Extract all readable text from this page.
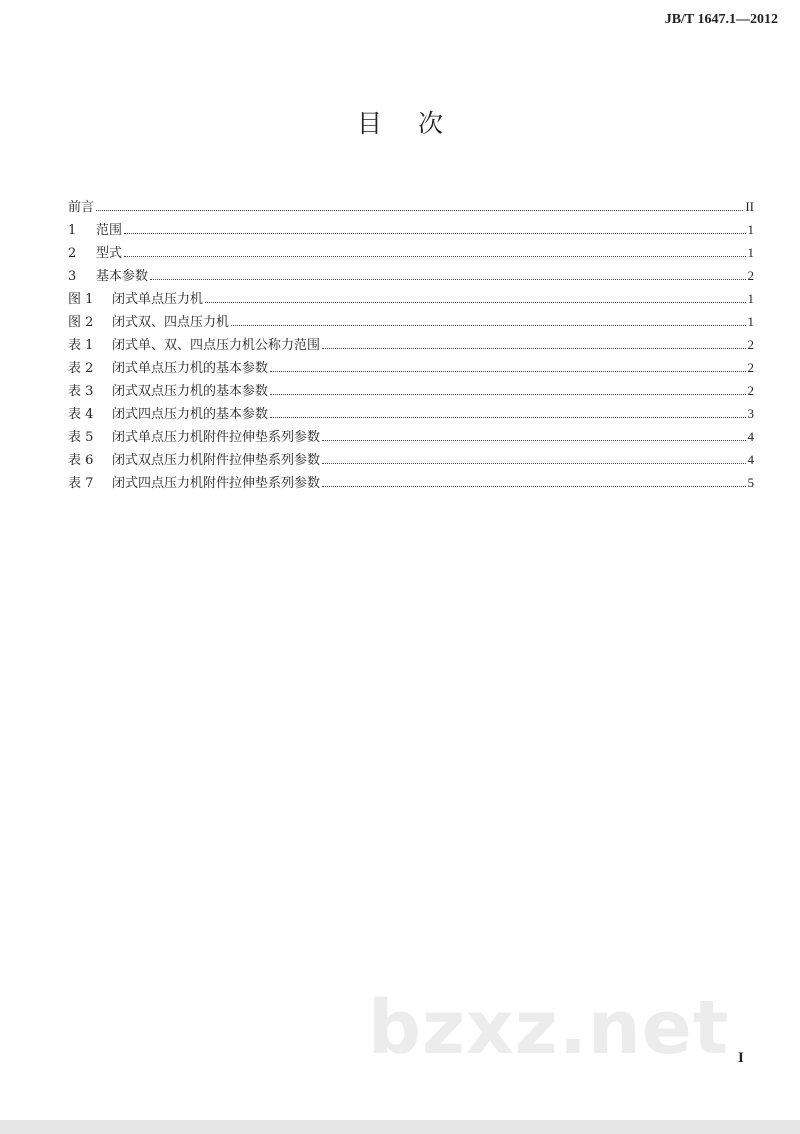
JB/T 1647.1—2012
目次
前言	II
1	范围	1
2	型式	1
3	基本参数	2
图 1	闭式单点压力机	1
图 2	闭式双、四点压力机	1
表 1	闭式单、双、四点压力机公称力范围	2
表 2	闭式单点压力机的基本参数	2
表 3	闭式双点压力机的基本参数	2
表 4	闭式四点压力机的基本参数	3
表 5	闭式单点压力机附件拉伸垫系列参数	4
表 6	闭式双点压力机附件拉伸垫系列参数	4
表 7	闭式四点压力机附件拉伸垫系列参数	5
bzxz.net I
